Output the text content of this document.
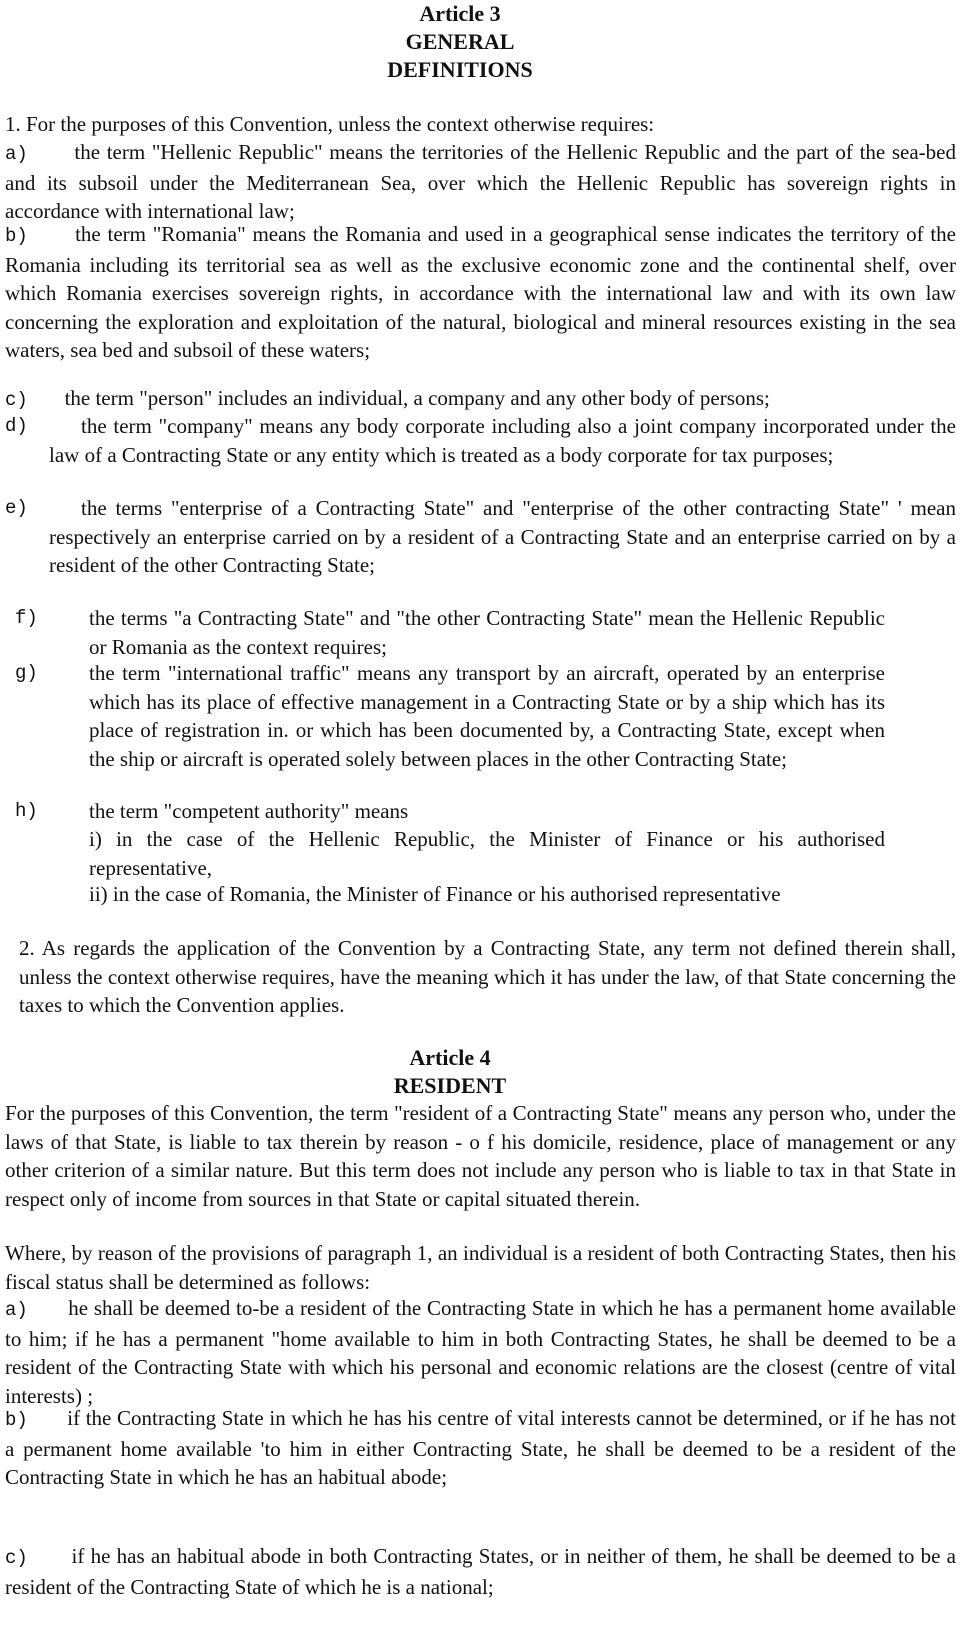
Article 3
GENERAL
DEFINITIONS
1. For the purposes of this Convention, unless the context otherwise requires:
a) the term "Hellenic Republic" means the territories of the Hellenic Republic and the part of the sea-bed and its subsoil under the Mediterranean Sea, over which the Hellenic Republic has sovereign rights in accordance with international law;
b) the term "Romania" means the Romania and used in a geographical sense indicates the territory of the Romania including its territorial sea as well as the exclusive economic zone and the continental shelf, over which Romania exercises sovereign rights, in accordance with the international law and with its own law concerning the exploration and exploitation of the natural, biological and mineral resources existing in the sea waters, sea bed and subsoil of these waters;
c) the term "person" includes an individual, a company and any other body of persons;
d)	the term "company" means any body corporate including also a joint company incorporated under the law of a Contracting State or any entity which is treated as a body corporate for tax purposes;
e)	the terms "enterprise of a Contracting State" and "enterprise of the other contracting State" ' mean respectively an enterprise carried on by a resident of a Contracting State and an enterprise carried on by a resident of the other Contracting State;
f) the terms "a Contracting State" and "the other Contracting State" mean the Hellenic Republic or Romania as the context requires;
g) the term "international traffic" means any transport by an aircraft, operated by an enterprise which has its place of effective management in a Contracting State or by a ship which has its place of registration in. or which has been documented by, a Contracting State, except when the ship or aircraft is operated solely between places in the other Contracting State;
h) the term "competent authority" means
i) in the case of the Hellenic Republic, the Minister of Finance or his authorised representative,
ii) in the case of Romania, the Minister of Finance or his authorised representative
2. As regards the application of the Convention by a Contracting State, any term not defined therein shall, unless the context otherwise requires, have the meaning which it has under the law, of that State concerning the taxes to which the Convention applies.
Article 4
RESIDENT
For the purposes of this Convention, the term "resident of a Contracting State" means any person who, under the laws of that State, is liable to tax therein by reason - o f his domicile, residence, place of management or any other criterion of a similar nature. But this term does not include any person who is liable to tax in that State in respect only of income from sources in that State or capital situated therein.
Where, by reason of the provisions of paragraph 1, an individual is a resident of both Contracting States, then his fiscal status shall be determined as follows:
a) he shall be deemed to-be a resident of the Contracting State in which he has a permanent home available to him; if he has a permanent "home available to him in both Contracting States, he shall be deemed to be a resident of the Contracting State with which his personal and economic relations are the closest (centre of vital interests) ;
b) if the Contracting State in which he has his centre of vital interests cannot be determined, or if he has not a permanent home available 'to him in either Contracting State, he shall be deemed to be a resident of the Contracting State in which he has an habitual abode;
c) if he has an habitual abode in both Contracting States, or in neither of them, he shall be deemed to be a resident of the Contracting State of which he is a national;
